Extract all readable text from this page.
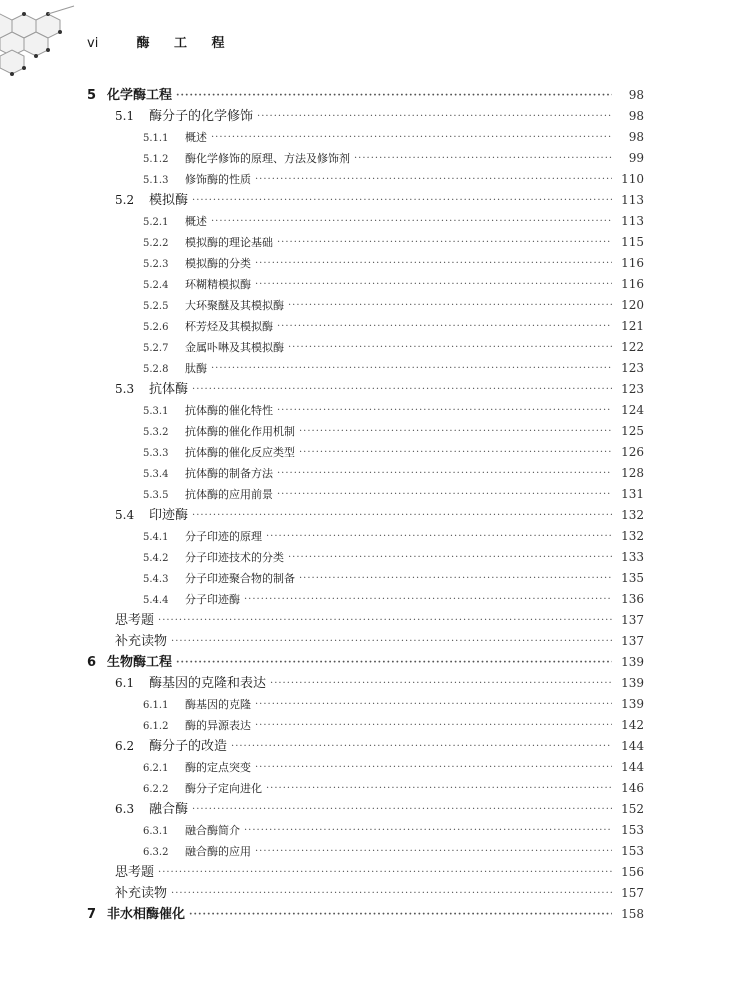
vi	酶 工 程
5 化学酶工程 ·····	98
5.1 酶分子的化学修饰 ·····	98
5.1.1 概述 ·····	98
5.1.2 酶化学修饰的原理、方法及修饰剂 ·····	99
5.1.3 修饰酶的性质 ·····	110
5.2 模拟酶 ·····	113
5.2.1 概述 ·····	113
5.2.2 模拟酶的理论基础 ·····	115
5.2.3 模拟酶的分类 ·····	116
5.2.4 环糊精模拟酶 ·····	116
5.2.5 大环聚醚及其模拟酶 ·····	120
5.2.6 杯芳烃及其模拟酶 ·····	121
5.2.7 金属卟啉及其模拟酶 ·····	122
5.2.8 肽酶 ·····	123
5.3 抗体酶 ·····	123
5.3.1 抗体酶的催化特性 ·····	124
5.3.2 抗体酶的催化作用机制 ·····	125
5.3.3 抗体酶的催化反应类型 ·····	126
5.3.4 抗体酶的制备方法 ·····	128
5.3.5 抗体酶的应用前景 ·····	131
5.4 印迹酶 ·····	132
5.4.1 分子印迹的原理 ·····	132
5.4.2 分子印迹技术的分类 ·····	133
5.4.3 分子印迹聚合物的制备 ·····	135
5.4.4 分子印迹酶 ·····	136
思考题 ·····	137
补充读物 ·····	137
6 生物酶工程 ·····	139
6.1 酶基因的克隆和表达 ·····	139
6.1.1 酶基因的克隆 ·····	139
6.1.2 酶的异源表达 ·····	142
6.2 酶分子的改造 ·····	144
6.2.1 酶的定点突变 ·····	144
6.2.2 酶分子定向进化 ·····	146
6.3 融合酶 ·····	152
6.3.1 融合酶简介 ·····	153
6.3.2 融合酶的应用 ·····	153
思考题 ·····	156
补充读物 ·····	157
7 非水相酶催化 ·····	158
